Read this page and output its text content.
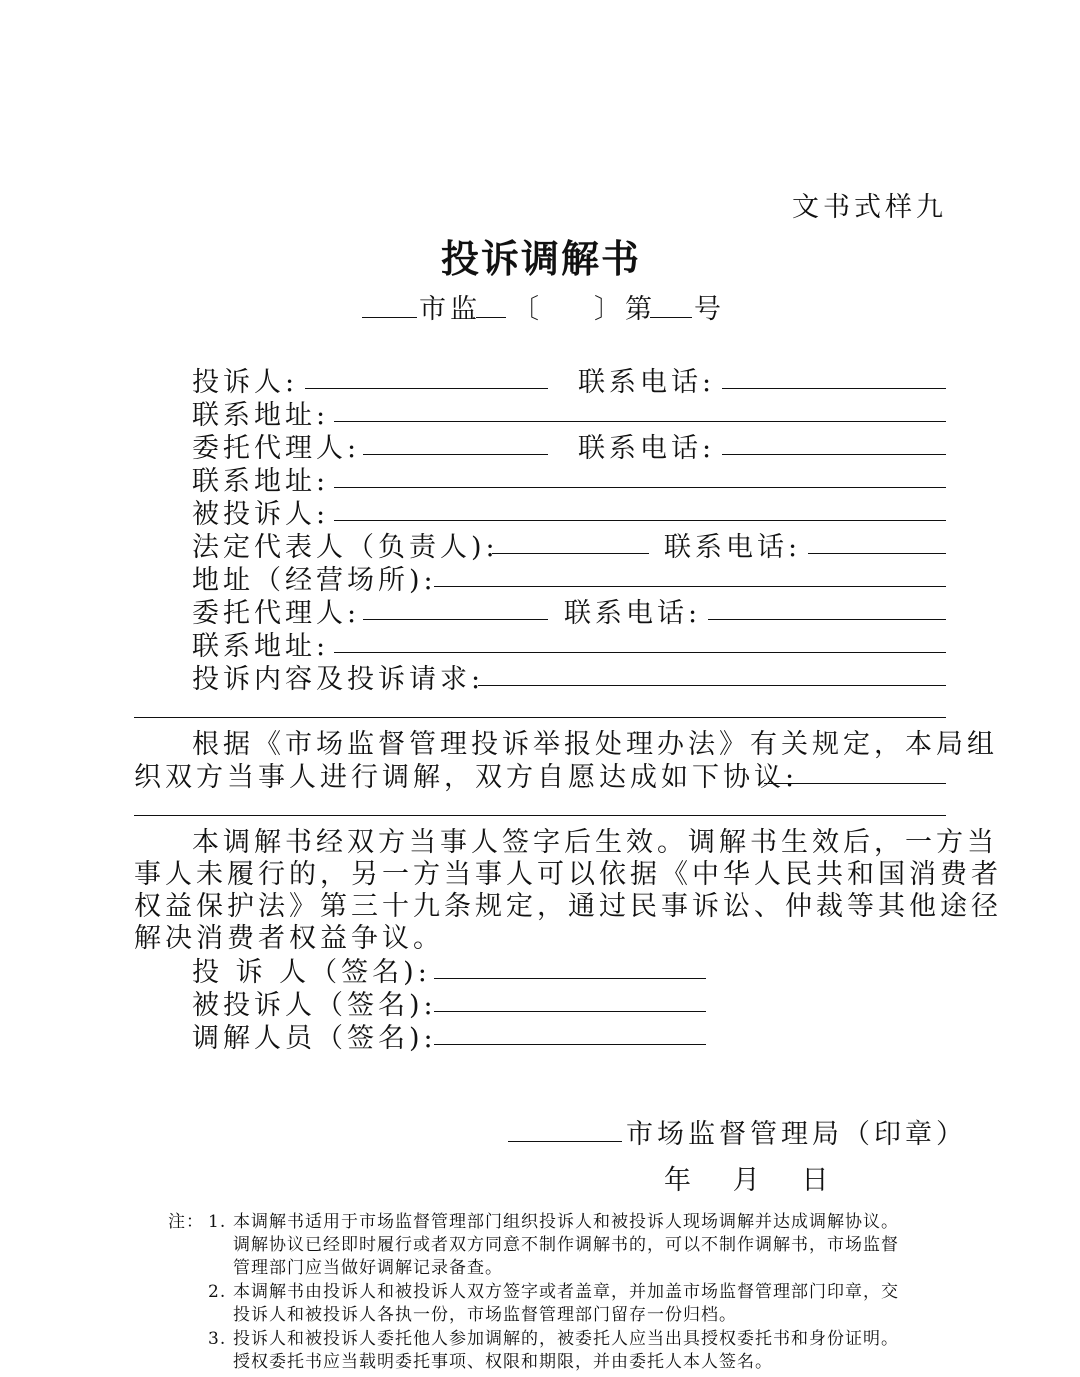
文书式样九
投诉调解书
市监 〔 〕第 号
投诉人:	联系电话:
联系地址:
委托代理人:	联系电话:
联系地址:
被投诉人:
法定代表人（负责人):	联系电话:
地址（经营场所):
委托代理人:	联系电话:
联系地址:
投诉内容及投诉请求:
根据《市场监督管理投诉举报处理办法》有关规定，本局组
织双方当事人进行调解，双方自愿达成如下协议:
本调解书经双方当事人签字后生效。调解书生效后，一方当
事人未履行的，另一方当事人可以依据《中华人民共和国消费者
权益保护法》第三十九条规定，通过民事诉讼、仲裁等其他途径
解决消费者权益争议。
投 诉 人（签名):
被投诉人（签名):
调解人员（签名):
市场监督管理局（印章）
年   月   日
注： 1. 本调解书适用于市场监督管理部门组织投诉人和被投诉人现场调解并达成调解协议。
调解协议已经即时履行或者双方同意不制作调解书的，可以不制作调解书，市场监督
管理部门应当做好调解记录备查。
2. 本调解书由投诉人和被投诉人双方签字或者盖章，并加盖市场监督管理部门印章，交
投诉人和被投诉人各执一份，市场监督管理部门留存一份归档。
3. 投诉人和被投诉人委托他人参加调解的，被委托人应当出具授权委托书和身份证明。
授权委托书应当载明委托事项、权限和期限，并由委托人本人签名。
